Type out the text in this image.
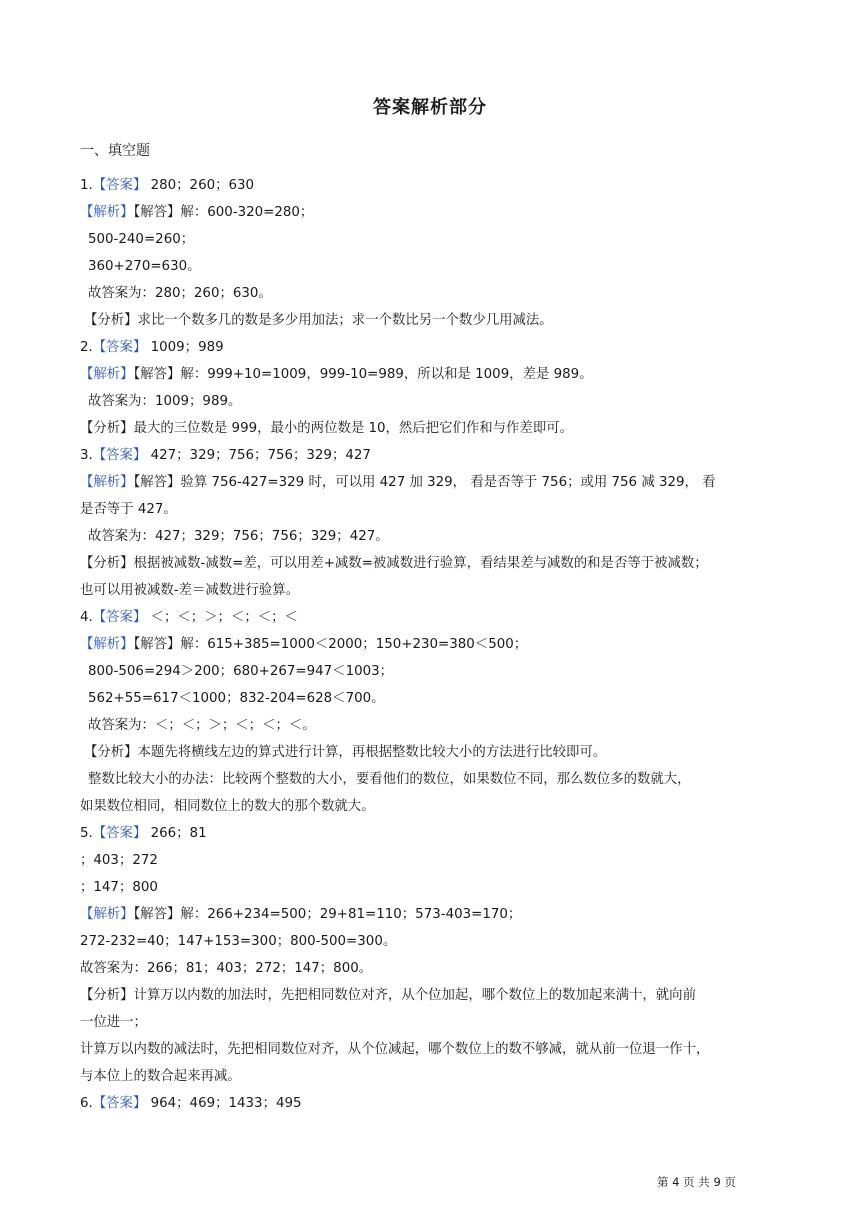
答案解析部分
一、填空题
1.【答案】 280；260；630
【解析】【解答】解：600-320=280；
500-240=260；
360+270=630。
故答案为：280；260；630。
【分析】求比一个数多几的数是多少用加法；求一个数比另一个数少几用减法。
2.【答案】 1009；989
【解析】【解答】解：999+10=1009，999-10=989，所以和是 1009，差是 989。
故答案为：1009；989。
【分析】最大的三位数是 999，最小的两位数是 10，然后把它们作和与作差即可。
3.【答案】 427；329；756；756；329；427
【解析】【解答】验算 756-427=329 时，可以用 427 加 329， 看是否等于 756；或用 756 减 329， 看
是否等于 427。
故答案为：427；329；756；756；329；427。
【分析】根据被减数-减数=差，可以用差+减数=被减数进行验算，看结果差与减数的和是否等于被减数；
也可以用被减数-差＝减数进行验算。
4.【答案】 ＜；＜；＞；＜；＜；＜
【解析】【解答】解：615+385=1000＜2000；150+230=380＜500；
800-506=294＞200；680+267=947＜1003；
562+55=617＜1000；832-204=628＜700。
故答案为：＜；＜；＞；＜；＜；＜。
【分析】本题先将横线左边的算式进行计算，再根据整数比较大小的方法进行比较即可。
整数比较大小的办法：比较两个整数的大小，要看他们的数位，如果数位不同，那么数位多的数就大，
如果数位相同，相同数位上的数大的那个数就大。
5.【答案】 266；81
；403；272
；147；800
【解析】【解答】解：266+234=500；29+81=110；573-403=170；
272-232=40；147+153=300；800-500=300。
故答案为：266；81；403；272；147；800。
【分析】计算万以内数的加法时，先把相同数位对齐，从个位加起，哪个数位上的数加起来满十，就向前
一位进一；
计算万以内数的减法时，先把相同数位对齐，从个位减起，哪个数位上的数不够减，就从前一位退一作十，
与本位上的数合起来再减。
6.【答案】 964；469；1433；495
第 4 页 共 9 页
